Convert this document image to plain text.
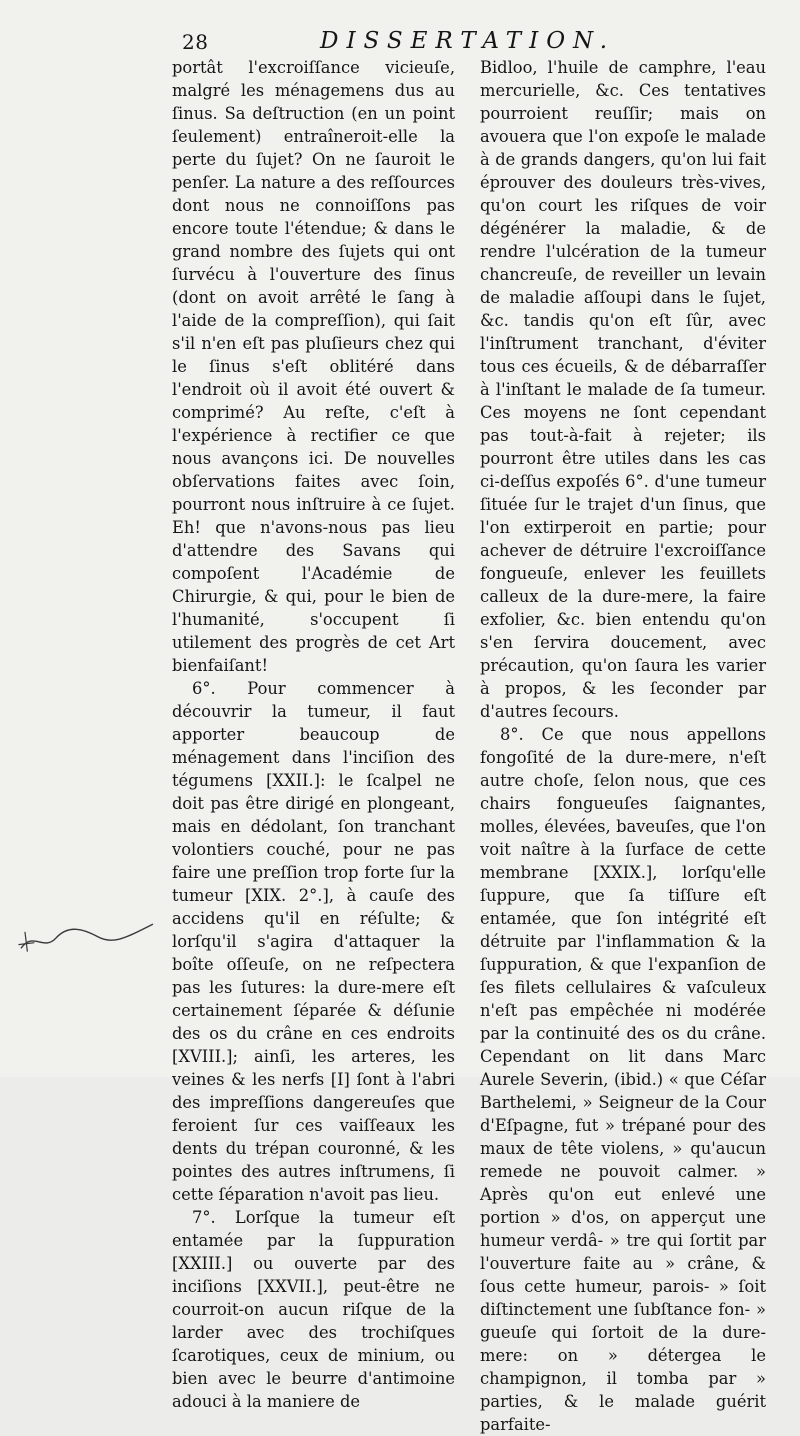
28	DISSERTATION.

portât l'excroiſſance vicieuſe, malgré les ménagemens dus au ſinus. Sa deſtruction (en un point ſeulement) entraîneroit-elle la perte du ſujet? On ne ſauroit le penſer. La nature a des reſſources dont nous ne connoiſſons pas encore toute l'étendue; & dans le grand nombre des ſujets qui ont ſurvécu à l'ouverture des ſinus (dont on avoit arrêté le ſang à l'aide de la compreſſion), qui ſait s'il n'en eſt pas pluſieurs chez qui le ſinus s'eſt oblitéré dans l'endroit où il avoit été ouvert & comprimé? Au reſte, c'eſt à l'expérience à rectifier ce que nous avançons ici. De nouvelles obſervations faites avec ſoin, pourront nous inſtruire à ce ſujet. Eh! que n'avons-nous pas lieu d'attendre des Savans qui compoſent l'Académie de Chirurgie, & qui, pour le bien de l'humanité, s'occupent ſi utilement des progrès de cet Art bienfaiſant!

6°. Pour commencer à découvrir la tumeur, il faut apporter beaucoup de ménagement dans l'inciſion des tégumens [XXII.]: le ſcalpel ne doit pas être dirigé en plongeant, mais en dédolant, ſon tranchant volontiers couché, pour ne pas faire une preſſion trop forte ſur la tumeur [XIX. 2°.], à cauſe des accidens qu'il en réſulte; & lorſqu'il s'agira d'attaquer la boîte oſſeuſe, on ne reſpectera pas les ſutures: la dure-mere eſt certainement ſéparée & déſunie des os du crâne en ces endroits [XVIII.]; ainſi, les arteres, les veines & les nerfs [I] ſont à l'abri des impreſſions dangereuſes que feroient ſur ces vaiſſeaux les dents du trépan couronné, & les pointes des autres inſtrumens, ſi cette ſéparation n'avoit pas lieu.

7°. Lorſque la tumeur eſt entamée par la ſuppuration [XXIII.] ou ouverte par des inciſions [XXVII.], peut-être ne courroit-on aucun riſque de la larder avec des trochiſques ſcarotiques, ceux de minium, ou bien avec le beurre d'antimoine adouci à la maniere de

Bidloo, l'huile de camphre, l'eau mercurielle, &c. Ces tentatives pourroient reuſſir; mais on avouera que l'on expoſe le malade à de grands dangers, qu'on lui fait éprouver des douleurs très-vives, qu'on court les riſques de voir dégénérer la maladie, & de rendre l'ulcération de la tumeur chancreuſe, de reveiller un levain de maladie aſſoupi dans le ſujet, &c. tandis qu'on eſt ſûr, avec l'inſtrument tranchant, d'éviter tous ces écueils, & de débarraſſer à l'inſtant le malade de ſa tumeur. Ces moyens ne ſont cependant pas tout-à-fait à rejeter; ils pourront être utiles dans les cas ci-deſſus expoſés 6°. d'une tumeur ſituée ſur le trajet d'un ſinus, que l'on extirperoit en partie; pour achever de détruire l'excroiſſance fongueuſe, enlever les feuillets calleux de la dure-mere, la faire exfolier, &c. bien entendu qu'on s'en ſervira doucement, avec précaution, qu'on ſaura les varier à propos, & les ſeconder par d'autres ſecours.

8°. Ce que nous appellons fongoſité de la dure-mere, n'eſt autre choſe, ſelon nous, que ces chairs fongueuſes ſaignantes, molles, élevées, baveuſes, que l'on voit naître à la ſurface de cette membrane [XXIX.], lorſqu'elle ſuppure, que ſa tiſſure eſt entamée, que ſon intégrité eſt détruite par l'inflammation & la ſuppuration, & que l'expanſion de ſes filets cellulaires & vaſculeux n'eſt pas empêchée ni modérée par la continuité des os du crâne. Cependant on lit dans Marc Aurele Severin, (ibid.) « que Céſar Barthelemi, » Seigneur de la Cour d'Eſpagne, fut » trépané pour des maux de tête violens, » qu'aucun remede ne pouvoit calmer. » Après qu'on eut enlevé une portion » d'os, on apperçut une humeur verdâ- » tre qui ſortit par l'ouverture faite au » crâne, & ſous cette humeur, parois- » ſoit diſtinctement une ſubſtance fon- » gueuſe qui ſortoit de la dure-mere: on » détergea le champignon, il tomba par » parties, & le malade guérit parfaite-
